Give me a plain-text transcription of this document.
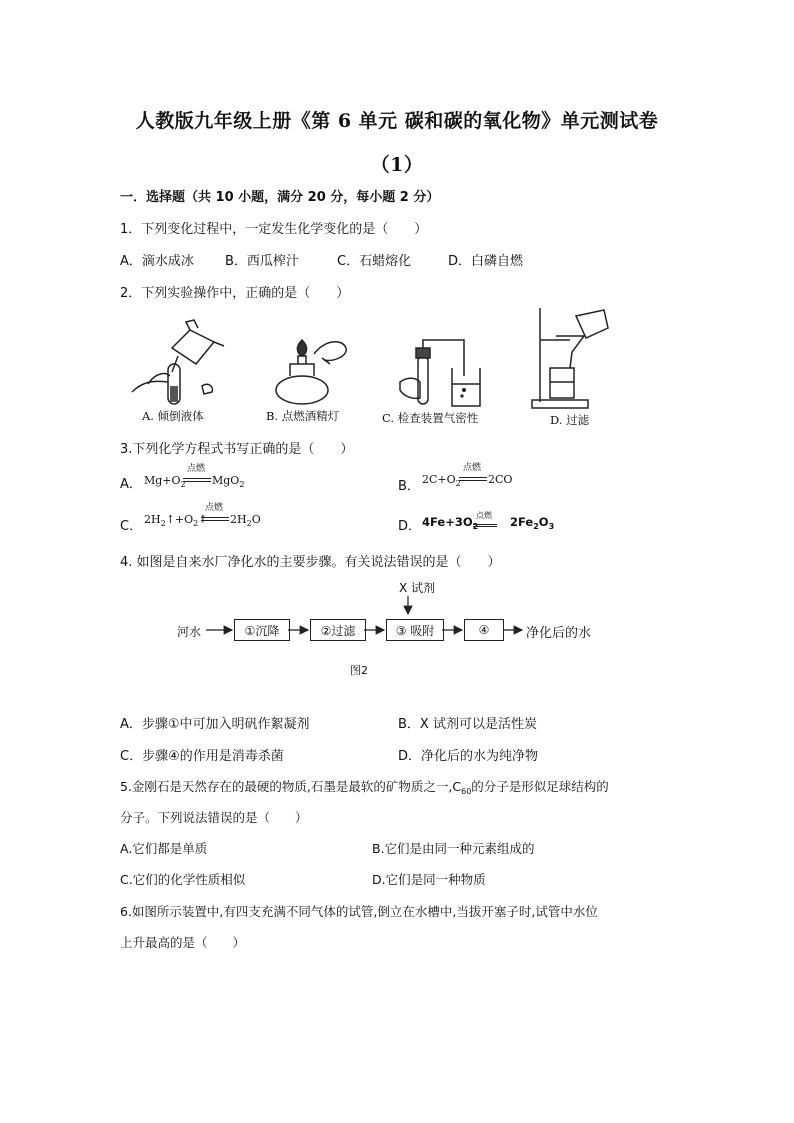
人教版九年级上册《第 6 单元 碳和碳的氧化物》单元测试卷
（1）
一．选择题（共 10 小题，满分 20 分，每小题 2 分）
1．下列变化过程中，一定发生化学变化的是（　　）
A．滴水成冰 B．西瓜榨汁	C．石蜡熔化	D．白磷自燃
2．下列实验操作中，正确的是（　　）
A. 倾倒液体	B. 点燃酒精灯	C. 检查装置气密性	D. 过滤
3.下列化学方程式书写正确的是（　　）
A． $Mg+O_2$
点燃
MgO$_2$	B． $2C+O_2$
点燃
2CO
C． $2H_2↑+O_2↑$
点燃
$2H_2O$	D． $4Fe+3O_2$
点燃 $2Fe_2O_3$
4. 如图是自来水厂净化水的主要步骤。有关说法错误的是（　　）
X 试剂
河水	①沉降	②过滤	③ 吸附	④	净化后的水
图2
A．步骤①中可加入明矾作絮凝剂	B．X 试剂可以是活性炭
C．步骤④的作用是消毒杀菌	D．净化后的水为纯净物
5.金刚石是天然存在的最硬的物质,石墨是最软的矿物质之一$,C_{60}$的分子是形似足球结构的
分子。下列说法错误的是（　　）
A.它们都是单质	B.它们是由同一种元素组成的
C.它们的化学性质相似	D.它们是同一种物质
6.如图所示装置中,有四支充满不同气体的试管,倒立在水槽中,当拔开塞子时,试管中水位
上升最高的是（　　）
